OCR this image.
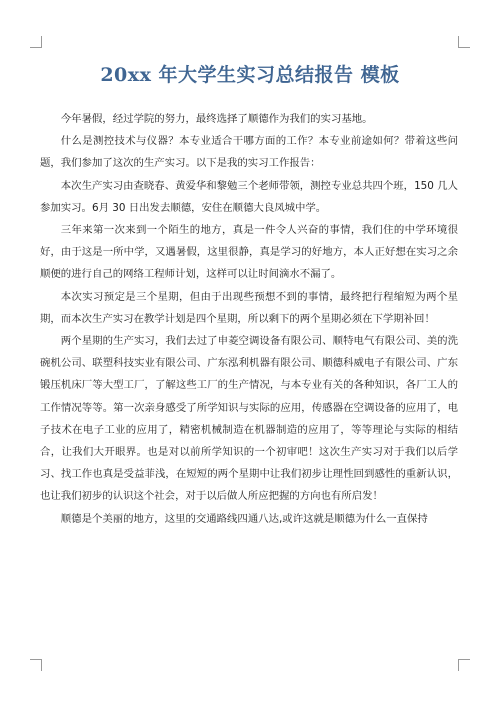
20xx 年大学生实习总结报告 模板

今年暑假，经过学院的努力，最终选择了顺德作为我们的实习基地。

什么是测控技术与仪器？本专业适合干哪方面的工作？本专业前途如何？带着这些问题，我们参加了这次的生产实习。以下是我的实习工作报告：

本次生产实习由查晓春、黄爱华和黎勉三个老师带领，测控专业总共四个班，150 几人参加实习。6月 30 日出发去顺德，安住在顺德大良凤城中学。

三年来第一次来到一个陌生的地方，真是一件令人兴奋的事情，我们住的中学环境很好，由于这是一所中学，又遇暑假，这里很静，真是学习的好地方，本人正好想在实习之余顺便的进行自己的网络工程师计划，这样可以让时间滴水不漏了。

本次实习预定是三个星期，但由于出现些预想不到的事情，最终把行程缩短为两个星期，而本次生产实习在教学计划是四个星期，所以剩下的两个星期必须在下学期补回！

两个星期的生产实习，我们去过了申菱空调设备有限公司、顺特电气有限公司、美的洗碗机公司、联塑科技实业有限公司、广东泓利机器有限公司、顺德科威电子有限公司、广东锻压机床厂等大型工厂，了解这些工厂的生产情况，与本专业有关的各种知识，各厂工人的工作情况等等。第一次亲身感受了所学知识与实际的应用，传感器在空调设备的应用了，电子技术在电子工业的应用了，精密机械制造在机器制造的应用了，等等理论与实际的相结合，让我们大开眼界。也是对以前所学知识的一个初审吧！这次生产实习对于我们以后学习、找工作也真是受益菲浅，在短短的两个星期中让我们初步让理性回到感性的重新认识，也让我们初步的认识这个社会，对于以后做人所应把握的方向也有所启发！

顺德是个美丽的地方，这里的交通路线四通八达,或许这就是顺德为什么一直保持
